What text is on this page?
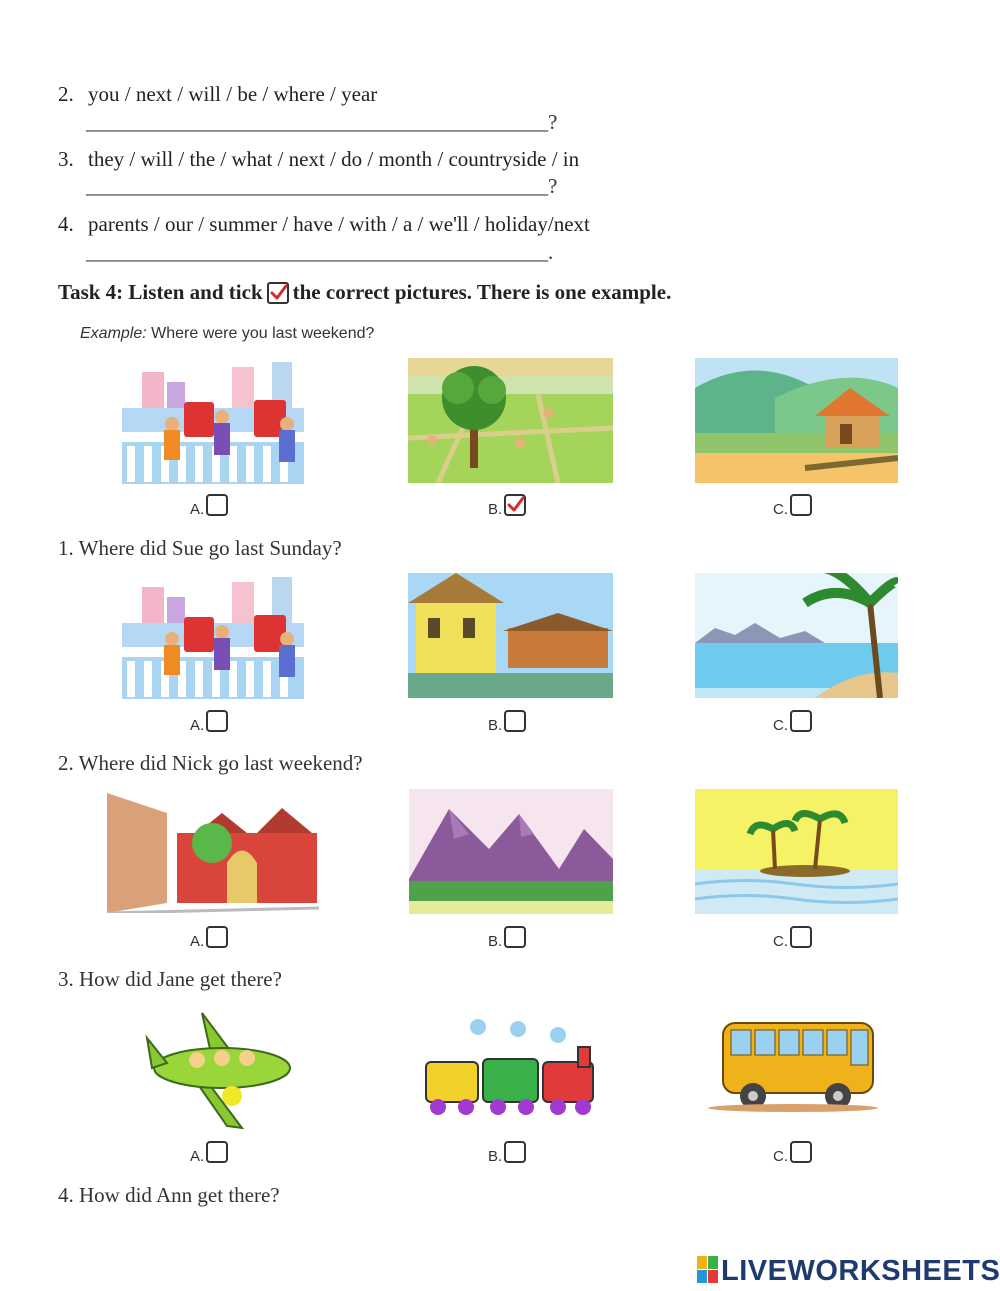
2. you / next / will / be / where / year
____________________________________________?
3. they / will / the / what / next / do / month / countryside / in
____________________________________________?
4. parents / our / summer / have / with / a / we'll / holiday/next
____________________________________________.
Task 4: Listen and tick the correct pictures. There is one example.
Example: Where were you last weekend?
A.	B.	C.
1. Where did Sue go last Sunday?
A.	B.	C.
2. Where did Nick go last weekend?
A.	B.	C.
3. How did Jane get there?
A.	B.	C.
4. How did Ann get there?
LIVEWORKSHEETS
